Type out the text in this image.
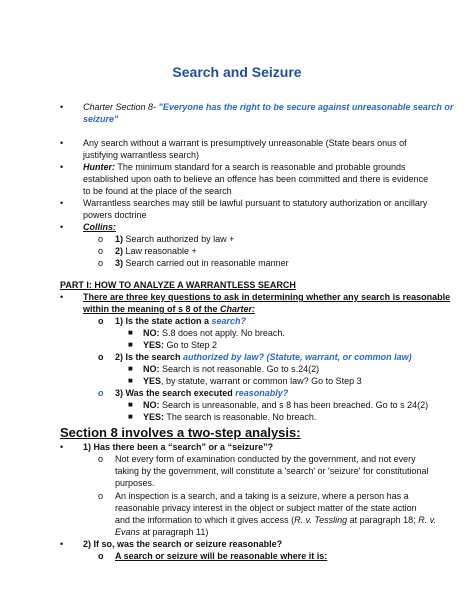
Search and Seizure
• Charter Section 8- "Everyone has the right to be secure against unreasonable search or
seizure"
• Any search without a warrant is presumptively unreasonable (State bears onus of
justifying warrantless search)
• Hunter: The minimum standard for a search is reasonable and probable grounds
established upon oath to believe an offence has been committed and there is evidence
to be found at the place of the search
• Warrantless searches may still be lawful pursuant to statutory authorization or ancillary
powers doctrine
• Collins:
o 1) Search authorized by law +
o 2) Law reasonable +
o 3) Search carried out in reasonable manner
PART I: HOW TO ANALYZE A WARRANTLESS SEARCH
• There are three key questions to ask in determining whether any search is reasonable
within the meaning of s 8 of the Charter:
o 1) Is the state action a search?
■ NO: S.8 does not apply. No breach.
■ YES: Go to Step 2
o 2) Is the search authorized by law? (Statute, warrant, or common law)
■ NO: Search is not reasonable. Go to s.24(2)
■ YES, by statute, warrant or common law? Go to Step 3
o 3) Was the search executed reasonably?
■ NO: Search is unreasonable, and s 8 has been breached. Go to s 24(2)
■ YES: The search is reasonable. No breach.
Section 8 involves a two-step analysis:
• 1) Has there been a “search” or a “seizure”?
o Not every form of examination conducted by the government, and not every
taking by the government, will constitute a 'search' or 'seizure' for constitutional
purposes.
o An inspection is a search, and a taking is a seizure, where a person has a
reasonable privacy interest in the object or subject matter of the state action
and the information to which it gives access (R. v. Tessling at paragraph 18; R. v.
Evans at paragraph 11)
• 2) If so, was the search or seizure reasonable?
o A search or seizure will be reasonable where it is:
